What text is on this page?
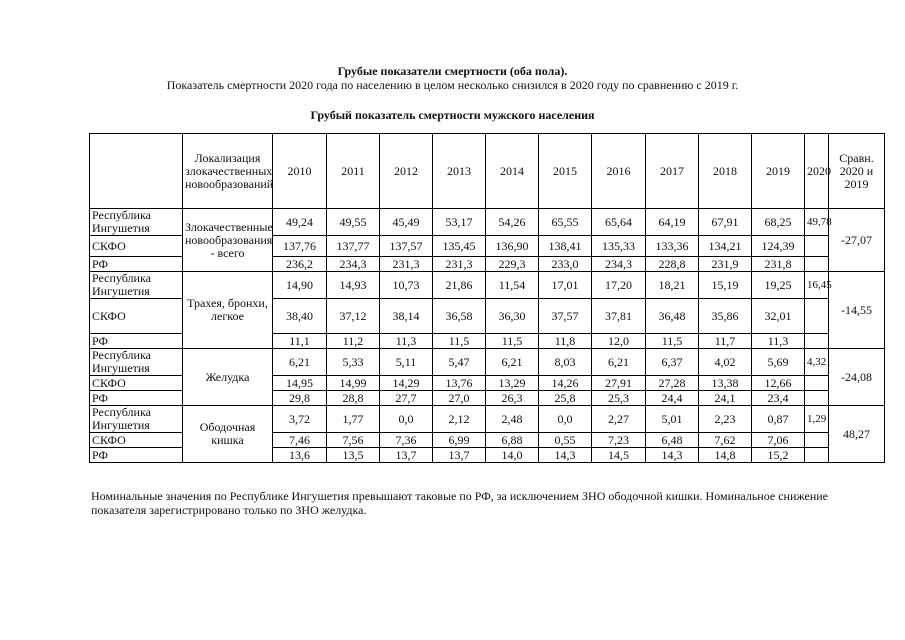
Грубые показатели смертности (оба пола).
Показатель смертности 2020 года по населению в целом несколько снизился в 2020 году по сравнению с 2019 г.
Грубый показатель смертности мужского населения
	Локализация злокачественных новообразований	2010	2011	2012	2013	2014	2015	2016	2017	2018	2019	2020	Сравн. 2020 и 2019
Республика Ингушетия	Злокачественные новообразования - всего	49,24	49,55	45,49	53,17	54,26	65,55	65,64	64,19	67,91	68,25	49,78	-27,07
СКФО		137,76	137,77	137,57	135,45	136,90	138,41	135,33	133,36	134,21	124,39		
РФ		236,2	234,3	231,3	231,3	229,3	233,0	234,3	228,8	231,9	231,8		
Республика Ингушетия	Трахея, бронхи, легкое	14,90	14,93	10,73	21,86	11,54	17,01	17,20	18,21	15,19	19,25	16,45	-14,55
СКФО		38,40	37,12	38,14	36,58	36,30	37,57	37,81	36,48	35,86	32,01		
РФ		11,1	11,2	11,3	11,5	11,5	11,8	12,0	11,5	11,7	11,3		
Республика Ингушетия	Желудка	6,21	5,33	5,11	5,47	6,21	8,03	6,21	6,37	4,02	5,69	4,32	-24,08
СКФО		14,95	14,99	14,29	13,76	13,29	14,26	27,91	27,28	13,38	12,66		
РФ		29,8	28,8	27,7	27,0	26,3	25,8	25,3	24,4	24,1	23,4		
Республика Ингушетия	Ободочная кишка	3,72	1,77	0,0	2,12	2,48	0,0	2,27	5,01	2,23	0,87	1,29	48,27
СКФО		7,46	7,56	7,36	6,99	6,88	0,55	7,23	6,48	7,62	7,06		
РФ		13,6	13,5	13,7	13,7	14,0	14,3	14,5	14,3	14,8	15,2		
Номинальные значения по Республике Ингушетия превышают таковые по РФ, за исключением ЗНО ободочной кишки. Номинальное снижение показателя зарегистрировано только по ЗНО желудка.
